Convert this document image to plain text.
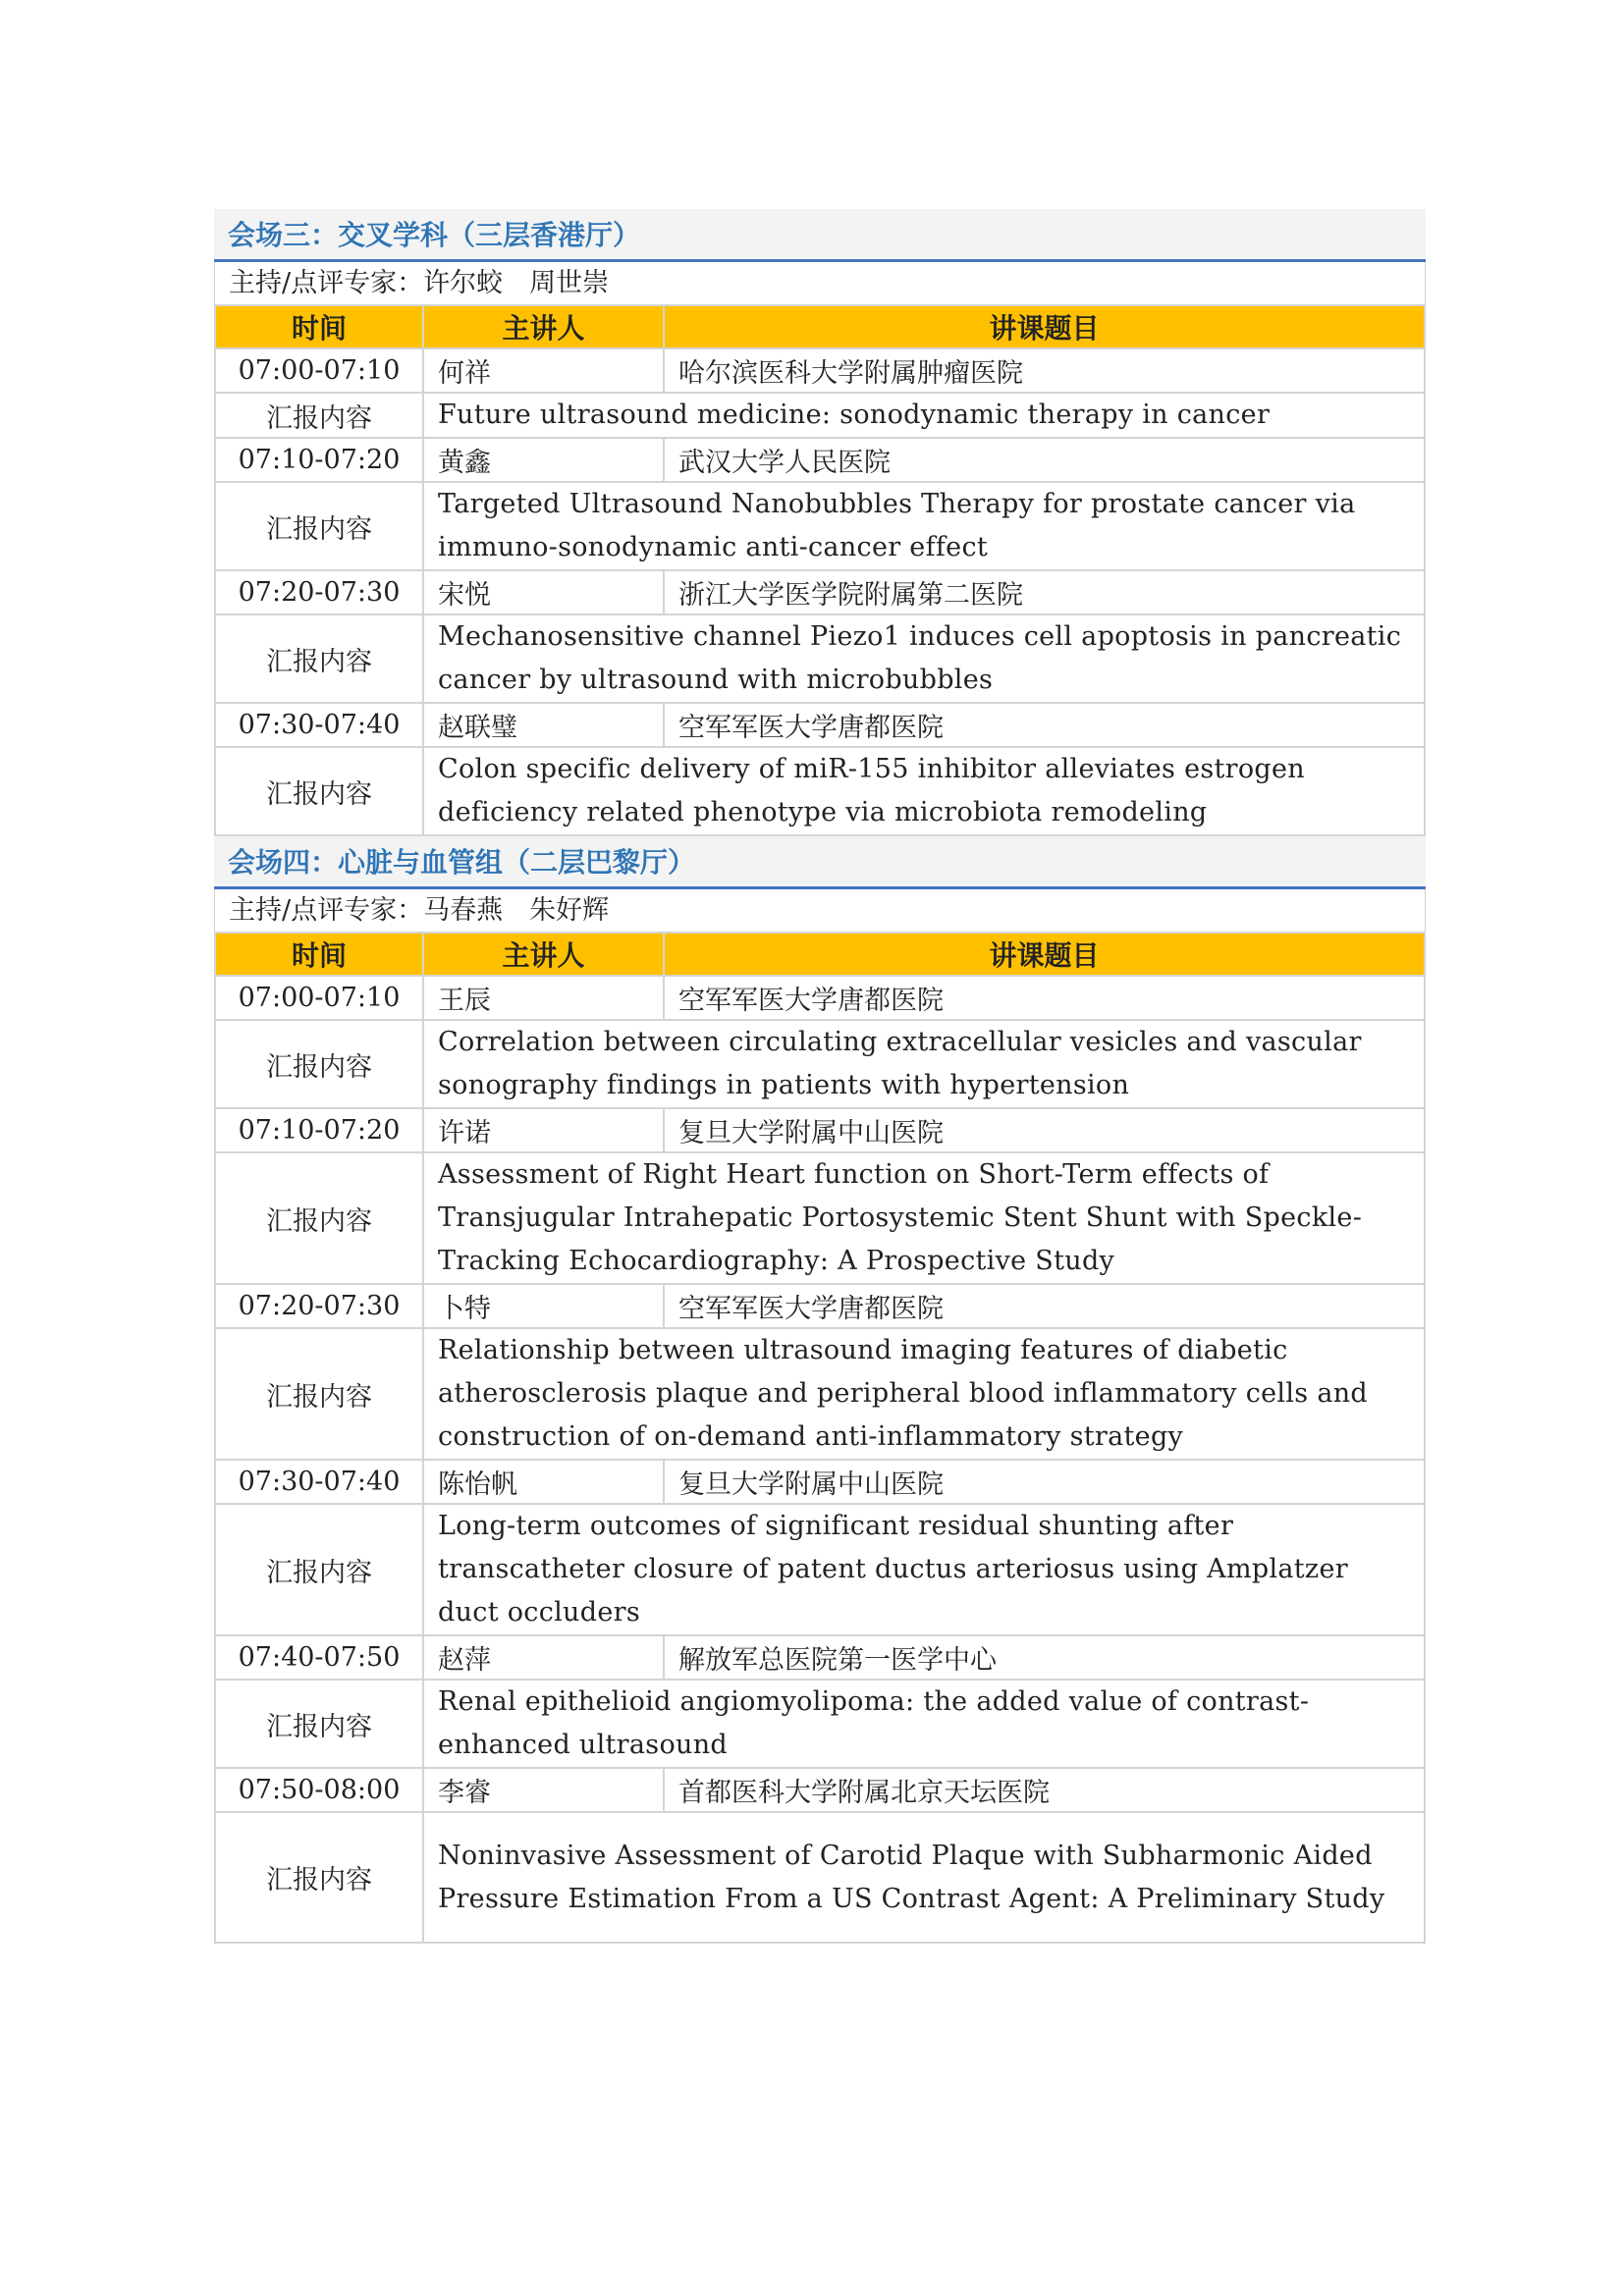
会场三：交叉学科（三层香港厅）
主持/点评专家：许尔蛟　周世崇
时间	主讲人	讲课题目
07:00-07:10	何祥	哈尔滨医科大学附属肿瘤医院
汇报内容	Future ultrasound medicine: sonodynamic therapy in cancer	
07:10-07:20	黄鑫	武汉大学人民医院
汇报内容	Targeted Ultrasound Nanobubbles Therapy for prostate cancer via immuno-sonodynamic anti-cancer effect	
07:20-07:30	宋悦	浙江大学医学院附属第二医院
汇报内容	Mechanosensitive channel Piezo1 induces cell apoptosis in pancreatic cancer by ultrasound with microbubbles	
07:30-07:40	赵联璧	空军军医大学唐都医院
汇报内容	Colon specific delivery of miR-155 inhibitor alleviates estrogen deficiency related phenotype via microbiota remodeling	
会场四：心脏与血管组（二层巴黎厅）
主持/点评专家：马春燕　朱好辉
时间	主讲人	讲课题目
07:00-07:10	王辰	空军军医大学唐都医院
汇报内容	Correlation between circulating extracellular vesicles and vascular sonography findings in patients with hypertension	
07:10-07:20	许诺	复旦大学附属中山医院
汇报内容	Assessment of Right Heart function on Short-Term effects of Transjugular Intrahepatic Portosystemic Stent Shunt with Speckle-Tracking Echocardiography: A Prospective Study	
07:20-07:30	卜特	空军军医大学唐都医院
汇报内容	Relationship between ultrasound imaging features of diabetic atherosclerosis plaque and peripheral blood inflammatory cells and construction of on-demand anti-inflammatory strategy	
07:30-07:40	陈怡帆	复旦大学附属中山医院
汇报内容	Long-term outcomes of significant residual shunting after transcatheter closure of patent ductus arteriosus using Amplatzer duct occluders	
07:40-07:50	赵萍	解放军总医院第一医学中心
汇报内容	Renal epithelioid angiomyolipoma: the added value of contrast-enhanced ultrasound	
07:50-08:00	李睿	首都医科大学附属北京天坛医院
汇报内容	Noninvasive Assessment of Carotid Plaque with Subharmonic Aided Pressure Estimation From a US Contrast Agent: A Preliminary Study	
